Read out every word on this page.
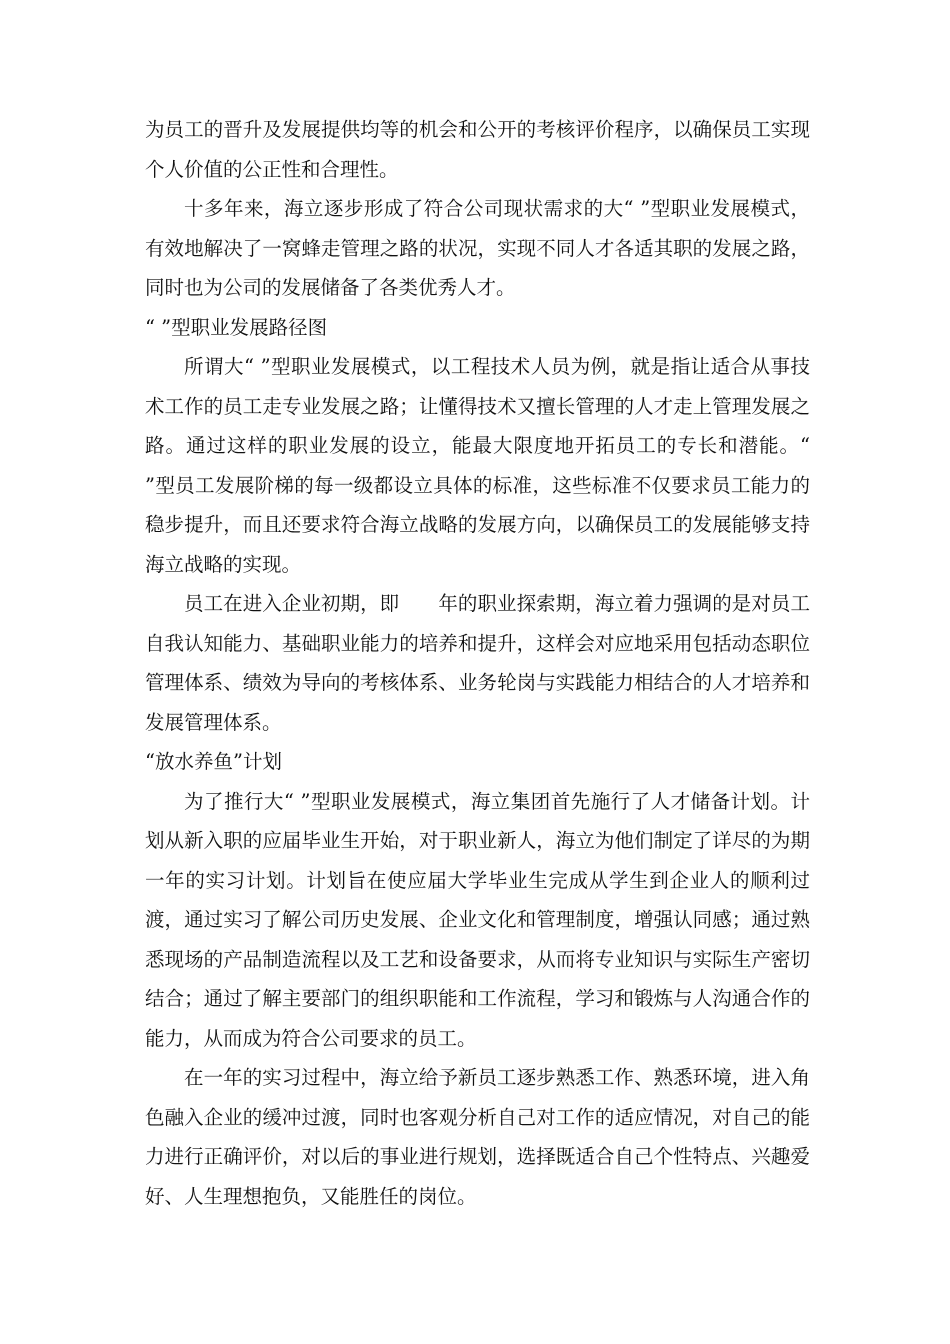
为员工的晋升及发展提供均等的机会和公开的考核评价程序，以确保员工实现个人价值的公正性和合理性。

十多年来，海立逐步形成了符合公司现状需求的大“ ”型职业发展模式，有效地解决了一窝蜂走管理之路的状况，实现不同人才各适其职的发展之路，同时也为公司的发展储备了各类优秀人才。

“ ”型职业发展路径图

所谓大“ ”型职业发展模式，以工程技术人员为例，就是指让适合从事技术工作的员工走专业发展之路；让懂得技术又擅长管理的人才走上管理发展之路。通过这样的职业发展的设立，能最大限度地开拓员工的专长和潜能。“ ”型员工发展阶梯的每一级都设立具体的标准，这些标准不仅要求员工能力的稳步提升，而且还要求符合海立战略的发展方向，以确保员工的发展能够支持海立战略的实现。

员工在进入企业初期，即　　年的职业探索期，海立着力强调的是对员工自我认知能力、基础职业能力的培养和提升，这样会对应地采用包括动态职位管理体系、绩效为导向的考核体系、业务轮岗与实践能力相结合的人才培养和发展管理体系。

“放水养鱼”计划

为了推行大“ ”型职业发展模式，海立集团首先施行了人才储备计划。计划从新入职的应届毕业生开始，对于职业新人，海立为他们制定了详尽的为期一年的实习计划。计划旨在使应届大学毕业生完成从学生到企业人的顺利过渡，通过实习了解公司历史发展、企业文化和管理制度，增强认同感；通过熟悉现场的产品制造流程以及工艺和设备要求，从而将专业知识与实际生产密切结合；通过了解主要部门的组织职能和工作流程，学习和锻炼与人沟通合作的能力，从而成为符合公司要求的员工。

在一年的实习过程中，海立给予新员工逐步熟悉工作、熟悉环境，进入角色融入企业的缓冲过渡，同时也客观分析自己对工作的适应情况，对自己的能力进行正确评价，对以后的事业进行规划，选择既适合自己个性特点、兴趣爱好、人生理想抱负，又能胜任的岗位。
